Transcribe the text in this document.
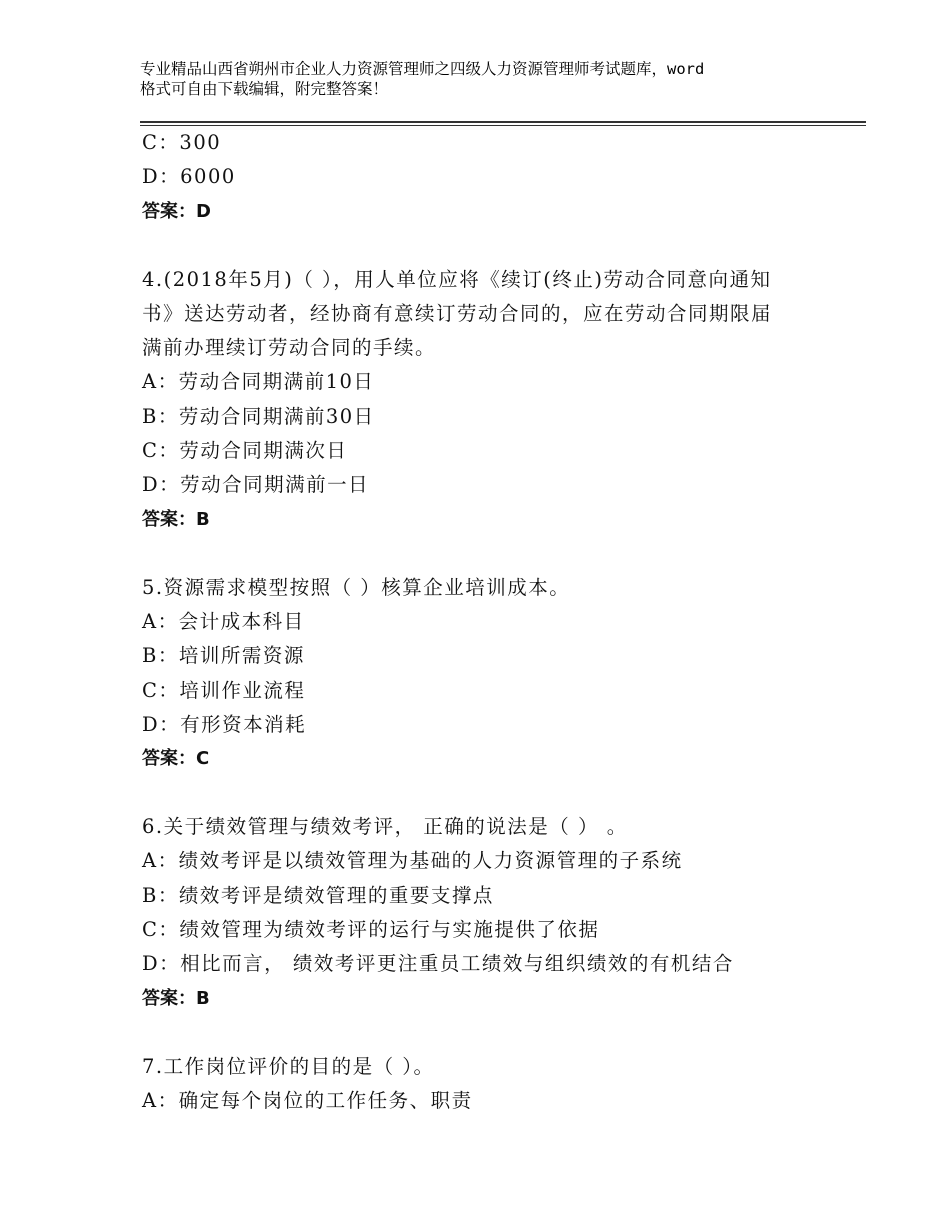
专业精品山西省朔州市企业人力资源管理师之四级人力资源管理师考试题库，word
格式可自由下载编辑，附完整答案！
C：300
D：6000
答案：D
4.(2018年5月)（ ），用人单位应将《续订(终止)劳动合同意向通知
书》送达劳动者，经协商有意续订劳动合同的，应在劳动合同期限届
满前办理续订劳动合同的手续。
A：劳动合同期满前10日
B：劳动合同期满前30日
C：劳动合同期满次日
D：劳动合同期满前一日
答案：B
5.资源需求模型按照（ ）核算企业培训成本。
A：会计成本科目
B：培训所需资源
C：培训作业流程
D：有形资本消耗
答案：C
6.关于绩效管理与绩效考评， 正确的说法是（ ） 。
A：绩效考评是以绩效管理为基础的人力资源管理的子系统
B：绩效考评是绩效管理的重要支撑点
C：绩效管理为绩效考评的运行与实施提供了依据
D：相比而言， 绩效考评更注重员工绩效与组织绩效的有机结合
答案：B
7.工作岗位评价的目的是（ ）。
A：确定每个岗位的工作任务、职责
